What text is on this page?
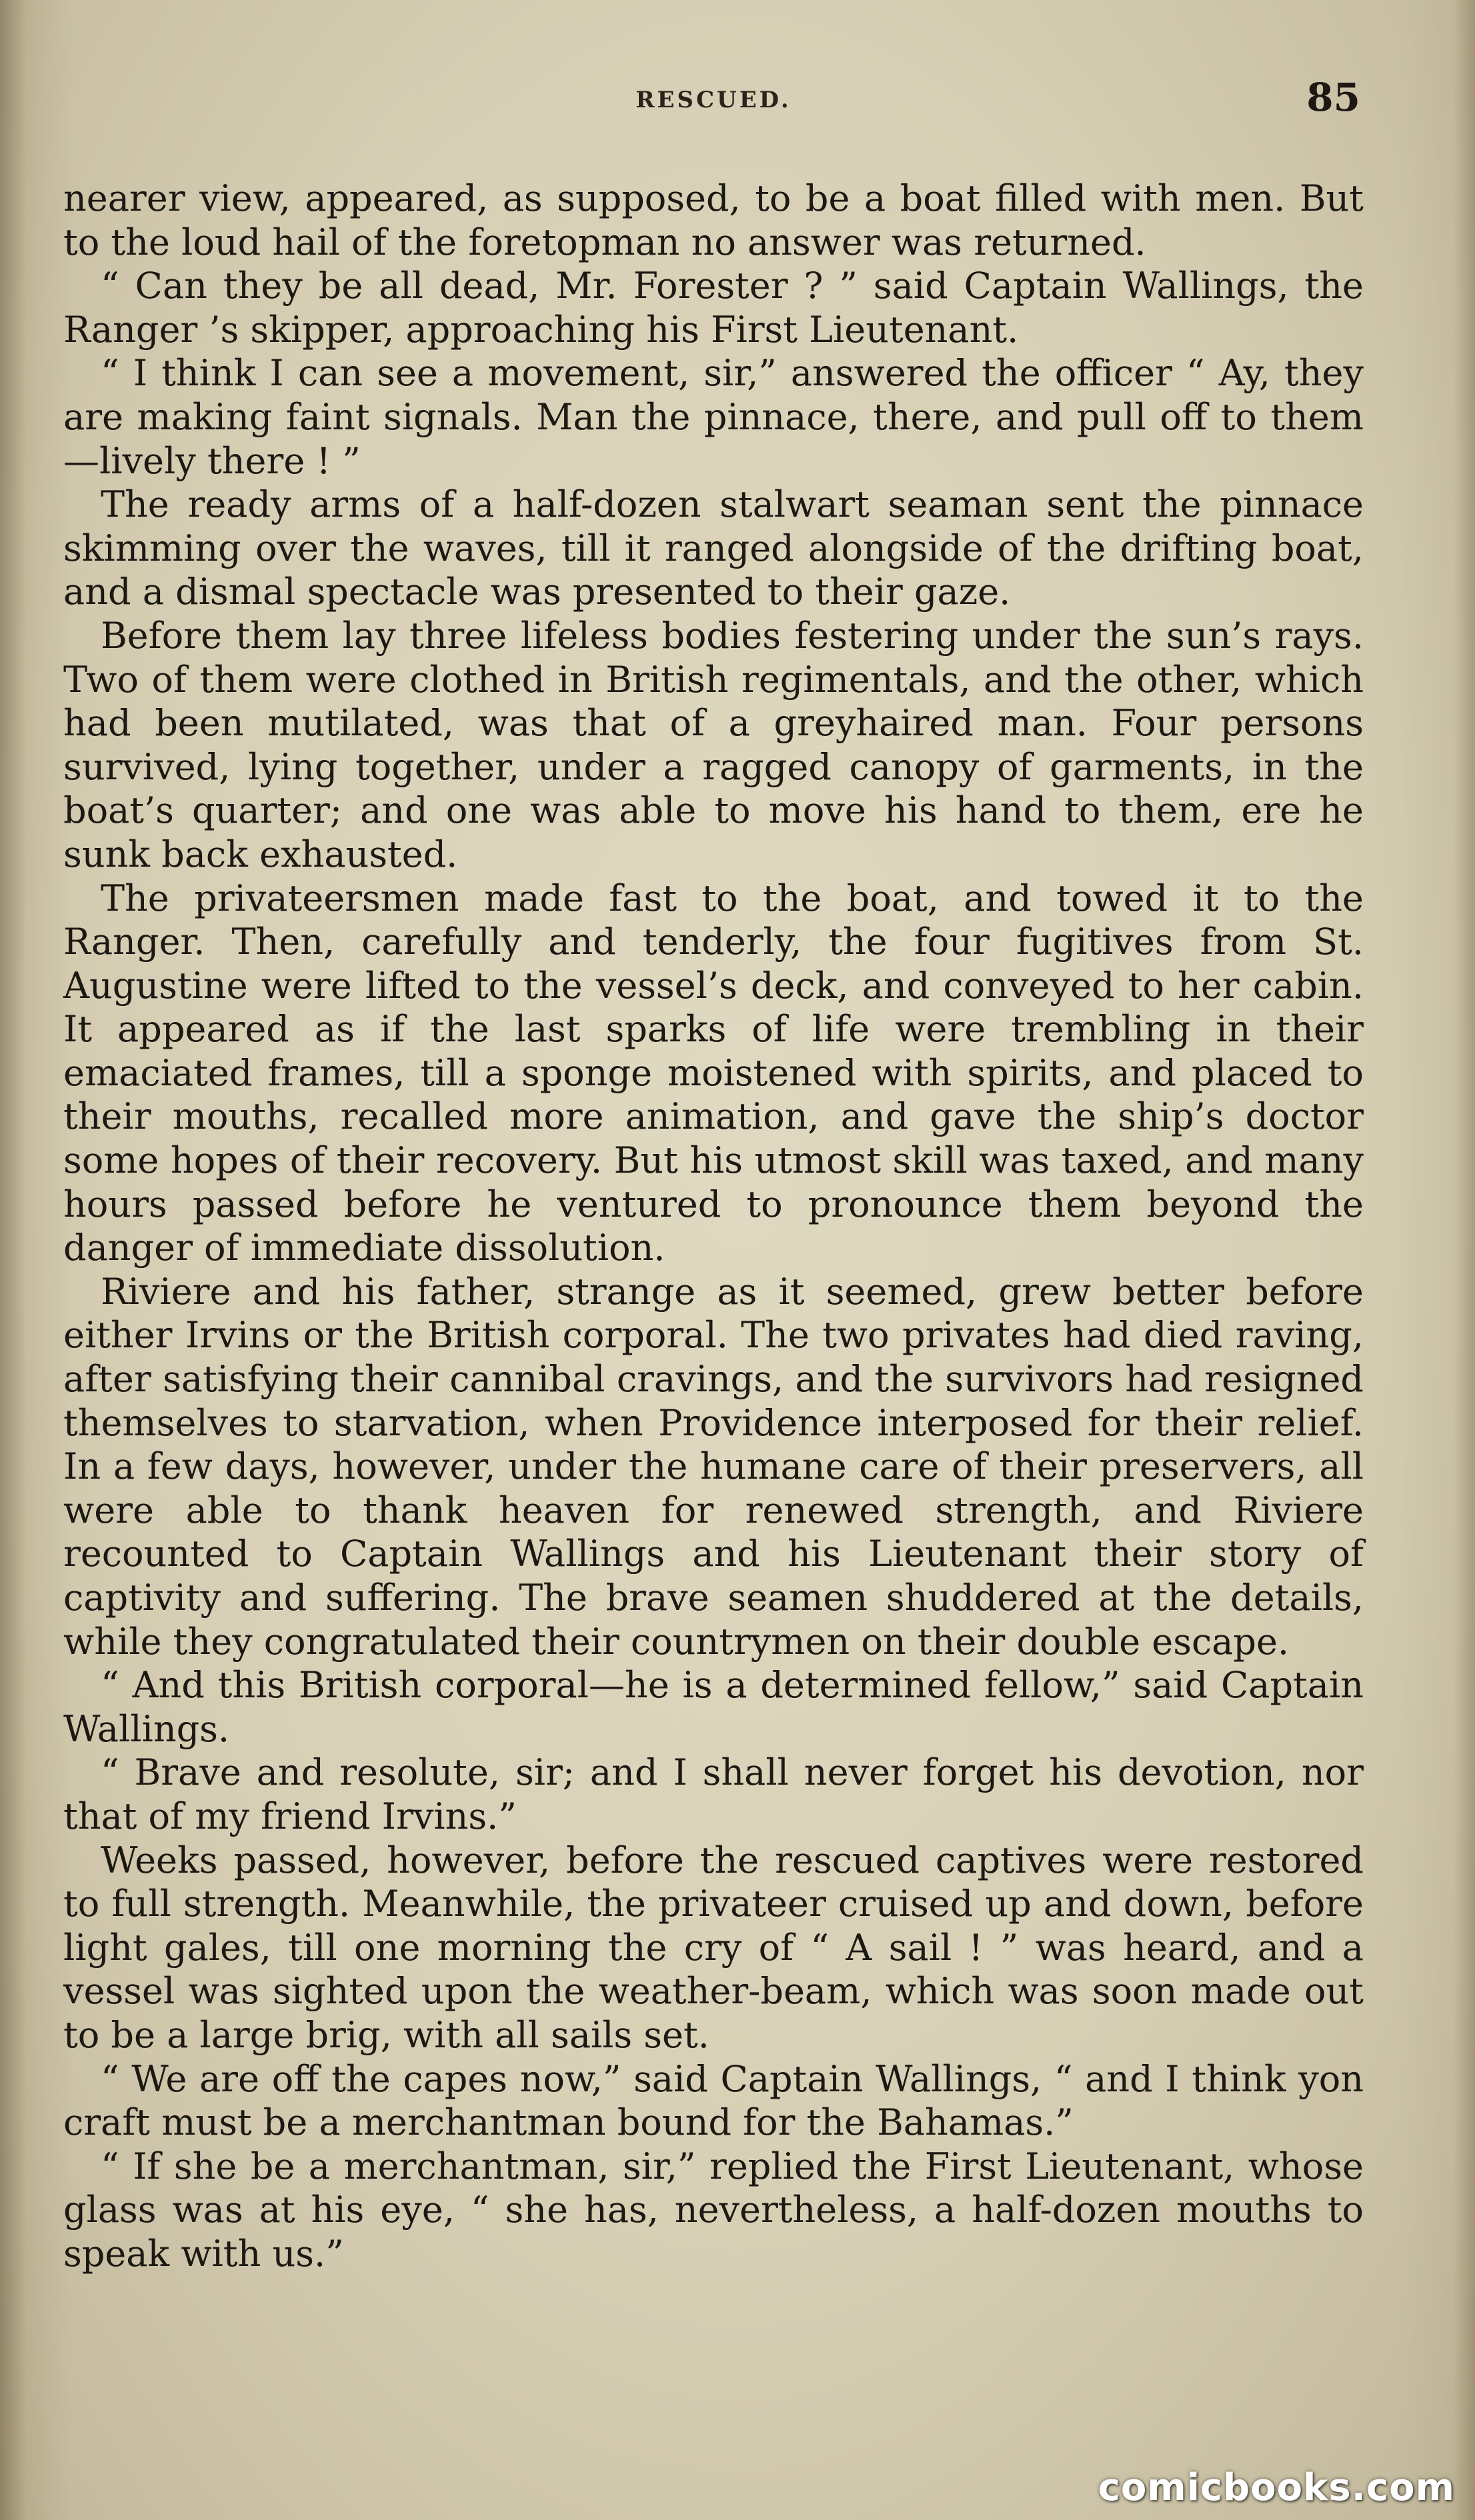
RESCUED.	85

nearer view, appeared, as supposed, to be a boat filled with men. But to the loud hail of the foretopman no answer was returned.

“ Can they be all dead, Mr. Forester ? ” said Captain Wallings, the Ranger ’s skipper, approaching his First Lieutenant.

“ I think I can see a movement, sir,” answered the officer “ Ay, they are making faint signals. Man the pinnace, there, and pull off to them—lively there ! ”

The ready arms of a half-dozen stalwart seaman sent the pinnace skimming over the waves, till it ranged alongside of the drifting boat, and a dismal spectacle was presented to their gaze.

Before them lay three lifeless bodies festering under the sun’s rays. Two of them were clothed in British regimentals, and the other, which had been mutilated, was that of a greyhaired man. Four persons survived, lying together, under a ragged canopy of garments, in the boat’s quarter; and one was able to move his hand to them, ere he sunk back exhausted.

The privateersmen made fast to the boat, and towed it to the Ranger. Then, carefully and tenderly, the four fugitives from St. Augustine were lifted to the vessel’s deck, and conveyed to her cabin. It appeared as if the last sparks of life were trembling in their emaciated frames, till a sponge moistened with spirits, and placed to their mouths, recalled more animation, and gave the ship’s doctor some hopes of their recovery. But his utmost skill was taxed, and many hours passed before he ventured to pronounce them beyond the danger of immediate dissolution.

Riviere and his father, strange as it seemed, grew better before either Irvins or the British corporal. The two privates had died raving, after satisfying their cannibal cravings, and the survivors had resigned themselves to starvation, when Providence interposed for their relief. In a few days, however, under the humane care of their preservers, all were able to thank heaven for renewed strength, and Riviere recounted to Captain Wallings and his Lieutenant their story of captivity and suffering. The brave seamen shuddered at the details, while they congratulated their countrymen on their double escape.

“ And this British corporal—he is a determined fellow,” said Captain Wallings.

“ Brave and resolute, sir; and I shall never forget his devotion, nor that of my friend Irvins.”

Weeks passed, however, before the rescued captives were restored to full strength. Meanwhile, the privateer cruised up and down, before light gales, till one morning the cry of “ A sail ! ” was heard, and a vessel was sighted upon the weather-beam, which was soon made out to be a large brig, with all sails set.

“ We are off the capes now,” said Captain Wallings, “ and I think yon craft must be a merchantman bound for the Bahamas.”

“ If she be a merchantman, sir,” replied the First Lieutenant, whose glass was at his eye, “ she has, nevertheless, a half-dozen mouths to speak with us.”

comicbooks.com
